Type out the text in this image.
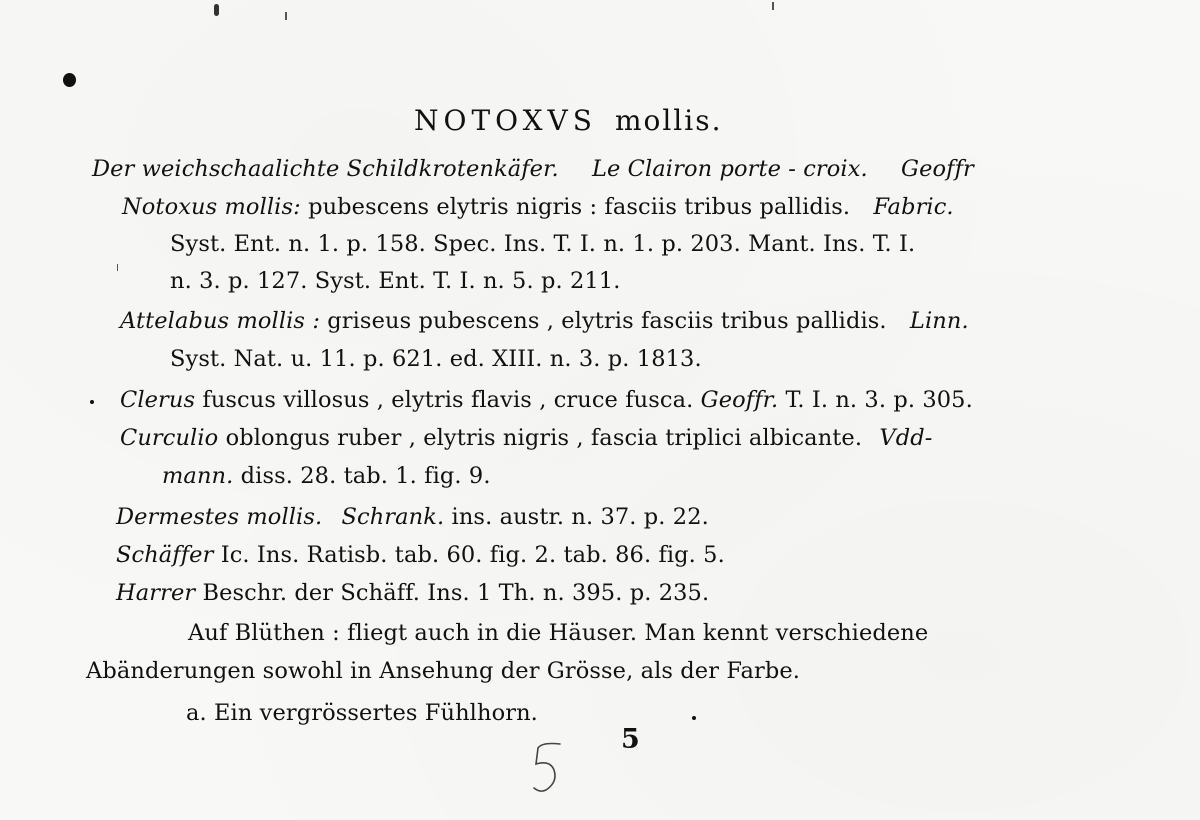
NOTOXVS mollis.
Der weichschaalichte Schildkrotenkäfer. Le Clairon porte - croix. Geoffr
Notoxus mollis: pubescens elytris nigris : fasciis tribus pallidis. Fabric.
Syst. Ent. n. 1. p. 158. Spec. Ins. T. I. n. 1. p. 203. Mant. Ins. T. I.
n. 3. p. 127. Syst. Ent. T. I. n. 5. p. 211.
Attelabus mollis : griseus pubescens , elytris fasciis tribus pallidis. Linn.
Syst. Nat. u. 11. p. 621. ed. XIII. n. 3. p. 1813.
Clerus fuscus villosus , elytris flavis , cruce fusca. Geoffr. T. I. n. 3. p. 305.
Curculio oblongus ruber , elytris nigris , fascia triplici albicante. Vdd-
mann. diss. 28. tab. 1. fig. 9.
Dermestes mollis. Schrank. ins. austr. n. 37. p. 22.
Schäffer Ic. Ins. Ratisb. tab. 60. fig. 2. tab. 86. fig. 5.
Harrer Beschr. der Schäff. Ins. 1 Th. n. 395. p. 235.
Auf Blüthen : fliegt auch in die Häuser. Man kennt verschiedene
Abänderungen sowohl in Ansehung der Grösse, als der Farbe.
a. Ein vergrössertes Fühlhorn.
5
